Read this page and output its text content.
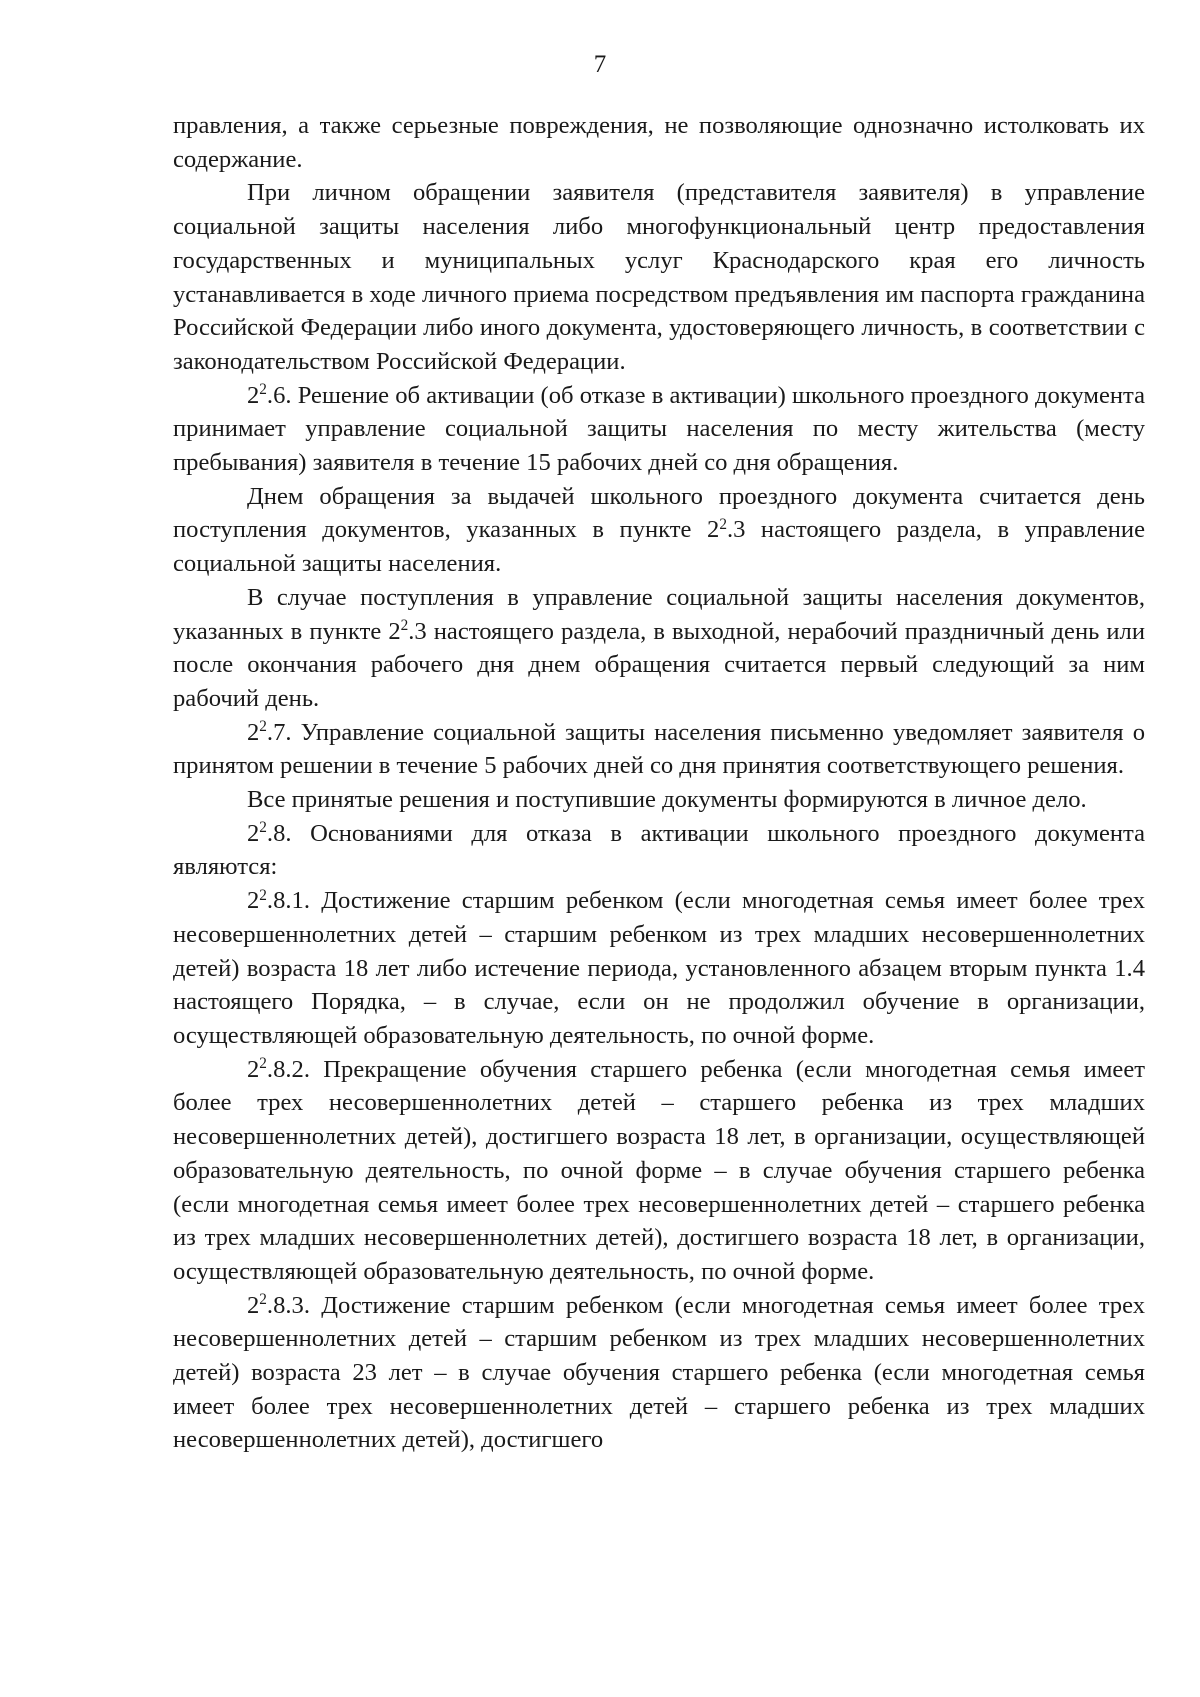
7

правления, а также серьезные повреждения, не позволяющие однозначно истолковать их содержание.

При личном обращении заявителя (представителя заявителя) в управление социальной защиты населения либо многофункциональный центр предоставления государственных и муниципальных услуг Краснодарского края его личность устанавливается в ходе личного приема посредством предъявления им паспорта гражданина Российской Федерации либо иного документа, удостоверяющего личность, в соответствии с законодательством Российской Федерации.

$2^2.6$. Решение об активации (об отказе в активации) школьного проездного документа принимает управление социальной защиты населения по месту жительства (месту пребывания) заявителя в течение 15 рабочих дней со дня обращения.

Днем обращения за выдачей школьного проездного документа считается день поступления документов, указанных в пункте $2^2.3$ настоящего раздела, в управление социальной защиты населения.

В случае поступления в управление социальной защиты населения документов, указанных в пункте $2^2.3$ настоящего раздела, в выходной, нерабочий праздничный день или после окончания рабочего дня днем обращения считается первый следующий за ним рабочий день.

$2^2.7$. Управление социальной защиты населения письменно уведомляет заявителя о принятом решении в течение 5 рабочих дней со дня принятия соответствующего решения.

Все принятые решения и поступившие документы формируются в личное дело.

$2^2.8$. Основаниями для отказа в активации школьного проездного документа являются:

$2^2.8.1$. Достижение старшим ребенком (если многодетная семья имеет более трех несовершеннолетних детей – старшим ребенком из трех младших несовершеннолетних детей) возраста 18 лет либо истечение периода, установленного абзацем вторым пункта 1.4 настоящего Порядка, – в случае, если он не продолжил обучение в организации, осуществляющей образовательную деятельность, по очной форме.

$2^2.8.2$. Прекращение обучения старшего ребенка (если многодетная семья имеет более трех несовершеннолетних детей – старшего ребенка из трех младших несовершеннолетних детей), достигшего возраста 18 лет, в организации, осуществляющей образовательную деятельность, по очной форме – в случае обучения старшего ребенка (если многодетная семья имеет более трех несовершеннолетних детей – старшего ребенка из трех младших несовершеннолетних детей), достигшего возраста 18 лет, в организации, осуществляющей образовательную деятельность, по очной форме.

$2^2.8.3$. Достижение старшим ребенком (если многодетная семья имеет более трех несовершеннолетних детей – старшим ребенком из трех младших несовершеннолетних детей) возраста 23 лет – в случае обучения старшего ребенка (если многодетная семья имеет более трех несовершеннолетних детей – старшего ребенка из трех младших несовершеннолетних детей), достигшего
